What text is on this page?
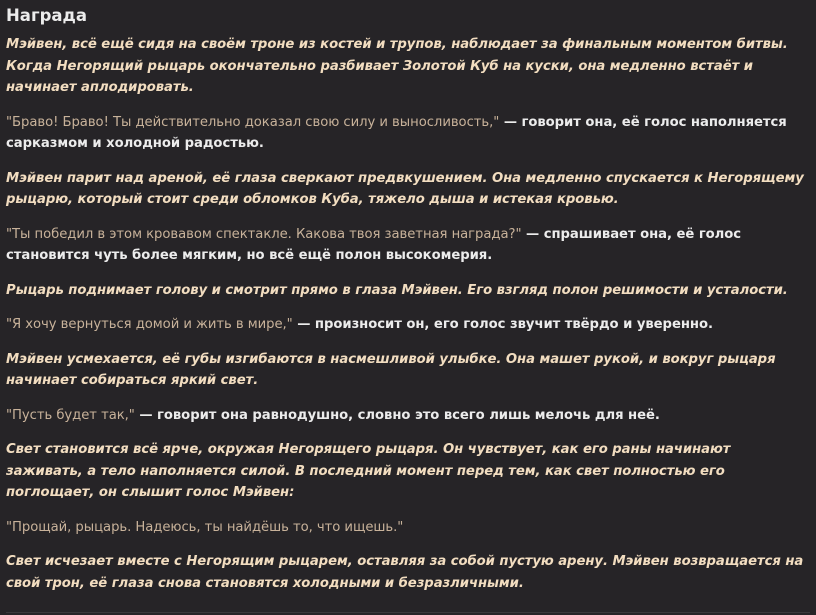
Награда

Мэйвен, всё ещё сидя на своём троне из костей и трупов, наблюдает за финальным моментом битвы. Когда Негорящий рыцарь окончательно разбивает Золотой Куб на куски, она медленно встаёт и начинает аплодировать.

"Браво! Браво! Ты действительно доказал свою силу и выносливость," — говорит она, её голос наполняется сарказмом и холодной радостью.

Мэйвен парит над ареной, её глаза сверкают предвкушением. Она медленно спускается к Негорящему рыцарю, который стоит среди обломков Куба, тяжело дыша и истекая кровью.

"Ты победил в этом кровавом спектакле. Какова твоя заветная награда?" — спрашивает она, её голос становится чуть более мягким, но всё ещё полон высокомерия.

Рыцарь поднимает голову и смотрит прямо в глаза Мэйвен. Его взгляд полон решимости и усталости.

"Я хочу вернуться домой и жить в мире," — произносит он, его голос звучит твёрдо и уверенно.

Мэйвен усмехается, её губы изгибаются в насмешливой улыбке. Она машет рукой, и вокруг рыцаря начинает собираться яркий свет.

"Пусть будет так," — говорит она равнодушно, словно это всего лишь мелочь для неё.

Свет становится всё ярче, окружая Негорящего рыцаря. Он чувствует, как его раны начинают заживать, а тело наполняется силой. В последний момент перед тем, как свет полностью его поглощает, он слышит голос Мэйвен:

"Прощай, рыцарь. Надеюсь, ты найдёшь то, что ищешь."

Свет исчезает вместе с Негорящим рыцарем, оставляя за собой пустую арену. Мэйвен возвращается на свой трон, её глаза снова становятся холодными и безразличными.
